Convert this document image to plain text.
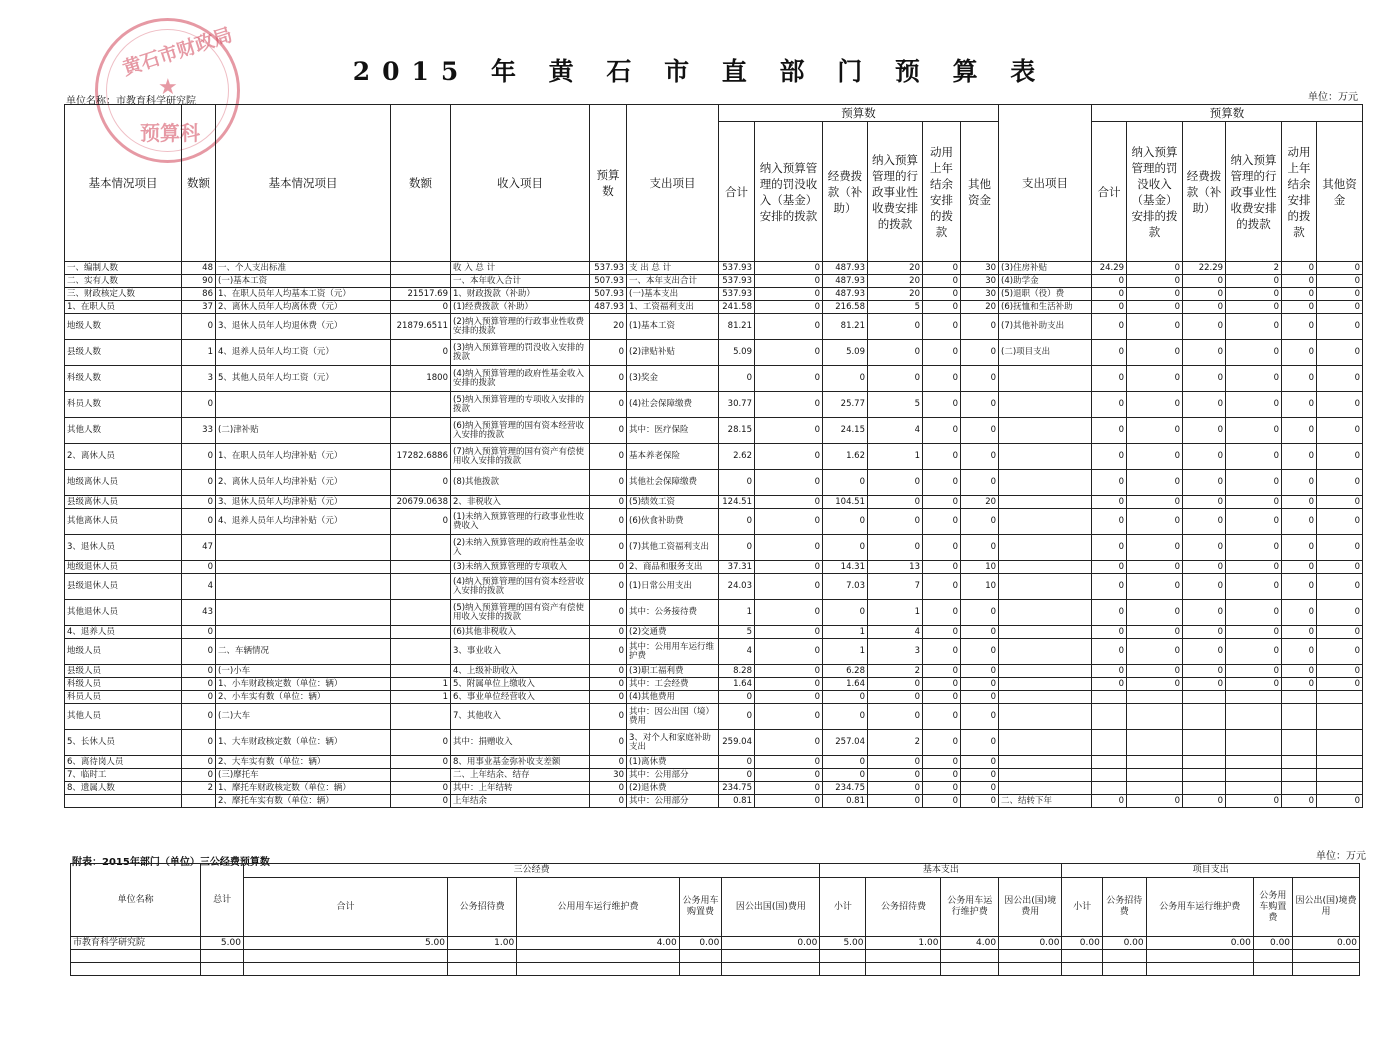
黄石市财政局
★
预算科
2015 年 黄 石 市 直 部 门 预 算 表
单位名称：市教育科学研究院	单位：万元
基本情况项目	数额	基本情况项目	数额	收入项目	预算数	支出项目	预算数						支出项目	预算数					
							合计	纳入预算管理的罚没收入（基金）安排的拨款	经费拨款（补助）	纳入预算管理的行政事业性收费安排的拨款	动用上年结余安排的拨款	其他资金		合计	纳入预算管理的罚没收入（基金）安排的拨款	经费拨款（补助）	纳入预算管理的行政事业性收费安排的拨款	动用上年结余安排的拨款	其他资金
一、编制人数	48	一、个人支出标准		收 入 总 计	537.93	支 出 总 计	537.93	0	487.93	20	0	30	(3)住房补贴	24.29	0	22.29	2	0	0
二、实有人数	90	(一)基本工资		一、本年收入合计	507.93	一、本年支出合计	537.93	0	487.93	20	0	30	(4)助学金	0	0	0	0	0	0
三、财政核定人数	86	1、在职人员年人均基本工资（元）	21517.69	1、财政拨款（补助）	507.93	(一)基本支出	537.93	0	487.93	20	0	30	(5)退职（役）费	0	0	0	0	0	0
1、在职人员	37	2、离休人员年人均离休费（元）	0	(1)经费拨款（补助）	487.93	1、工资福利支出	241.58	0	216.58	5	0	20	(6)抚恤和生活补助	0	0	0	0	0	0
地级人数	0	3、退休人员年人均退休费（元）	21879.6511	(2)纳入预算管理的行政事业性收费安排的拨款	20	(1)基本工资	81.21	0	81.21	0	0	0	(7)其他补助支出	0	0	0	0	0	0
县级人数	1	4、退养人员年人均工资（元）	0	(3)纳入预算管理的罚没收入安排的拨款	0	(2)津贴补贴	5.09	0	5.09	0	0	0	(二)项目支出	0	0	0	0	0	0
科级人数	3	5、其他人员年人均工资（元）	1800	(4)纳入预算管理的政府性基金收入安排的拨款	0	(3)奖金	0	0	0	0	0	0		0	0	0	0	0	0
科员人数	0			(5)纳入预算管理的专项收入安排的拨款	0	(4)社会保障缴费	30.77	0	25.77	5	0	0		0	0	0	0	0	0
其他人数	33	(二)津补贴		(6)纳入预算管理的国有资本经营收入安排的拨款	0	其中：医疗保险	28.15	0	24.15	4	0	0		0	0	0	0	0	0
2、离休人员	0	1、在职人员年人均津补贴（元）	17282.6886	(7)纳入预算管理的国有资产有偿使用收入安排的拨款	0	基本养老保险	2.62	0	1.62	1	0	0		0	0	0	0	0	0
地级离休人员	0	2、离休人员年人均津补贴（元）	0	(8)其他拨款	0	其他社会保障缴费	0	0	0	0	0	0		0	0	0	0	0	0
县级离休人员	0	3、退休人员年人均津补贴（元）	20679.0638	2、非税收入	0	(5)绩效工资	124.51	0	104.51	0	0	20		0	0	0	0	0	0
其他离休人员	0	4、退养人员年人均津补贴（元）	0	(1)未纳入预算管理的行政事业性收费收入	0	(6)伙食补助费	0	0	0	0	0	0		0	0	0	0	0	0
3、退休人员	47			(2)未纳入预算管理的政府性基金收入	0	(7)其他工资福利支出	0	0	0	0	0	0		0	0	0	0	0	0
地级退休人员	0			(3)未纳入预算管理的专项收入	0	2、商品和服务支出	37.31	0	14.31	13	0	10		0	0	0	0	0	0
县级退休人员	4			(4)纳入预算管理的国有资本经营收入安排的拨款	0	(1)日常公用支出	24.03	0	7.03	7	0	10		0	0	0	0	0	0
其他退休人员	43			(5)纳入预算管理的国有资产有偿使用收入安排的拨款	0	其中：公务接待费	1	0	0	1	0	0		0	0	0	0	0	0
4、退养人员	0			(6)其他非税收入	0	(2)交通费	5	0	1	4	0	0		0	0	0	0	0	0
地级人员	0	二、车辆情况		3、事业收入	0	其中：公用用车运行维护费	4	0	1	3	0	0		0	0	0	0	0	0
县级人员	0	(一)小车		4、上级补助收入	0	(3)职工福利费	8.28	0	6.28	2	0	0		0	0	0	0	0	0
科级人员	0	1、小车财政核定数（单位：辆）	1	5、附属单位上缴收入	0	其中：工会经费	1.64	0	1.64	0	0	0		0	0	0	0	0	0
科员人员	0	2、小车实有数（单位：辆）	1	6、事业单位经营收入	0	(4)其他费用	0	0	0	0	0	0							
其他人员	0	(二)大车		7、其他收入	0	其中：因公出国（境）费用	0	0	0	0	0	0							
5、长休人员	0	1、大车财政核定数（单位：辆）	0	其中：捐赠收入	0	3、对个人和家庭补助支出	259.04	0	257.04	2	0	0							
6、离待岗人员	0	2、大车实有数（单位：辆）	0	8、用事业基金弥补收支差额	0	(1)离休费	0	0	0	0	0	0							
7、临时工	0	(三)摩托车		二、上年结余、结存	30	其中：公用部分	0	0	0	0	0	0							
8、遗属人数	2	1、摩托车财政核定数（单位：辆）	0	其中：上年结转	0	(2)退休费	234.75	0	234.75	0	0	0							
		2、摩托车实有数（单位：辆）	0	上年结余	0	其中：公用部分	0.81	0	0.81	0	0	0	二、结转下年	0	0	0	0	0	0
附表：2015年部门（单位）三公经费预算数
单位：万元
单位名称	总计	三公经费					基本支出				项目支出				
		合计	公务招待费	公用用车运行维护费	公务用车购置费	因公出国(国)费用	小计	公务招待费	公务用车运行维护费	因公出(国)境费用	小计	公务招待费	公务用车运行维护费	公务用车购置费	因公出(国)境费用
市教育科学研究院	5.00	5.00	1.00	4.00	0.00	0.00	5.00	1.00	4.00	0.00	0.00	0.00	0.00	0.00	0.00
